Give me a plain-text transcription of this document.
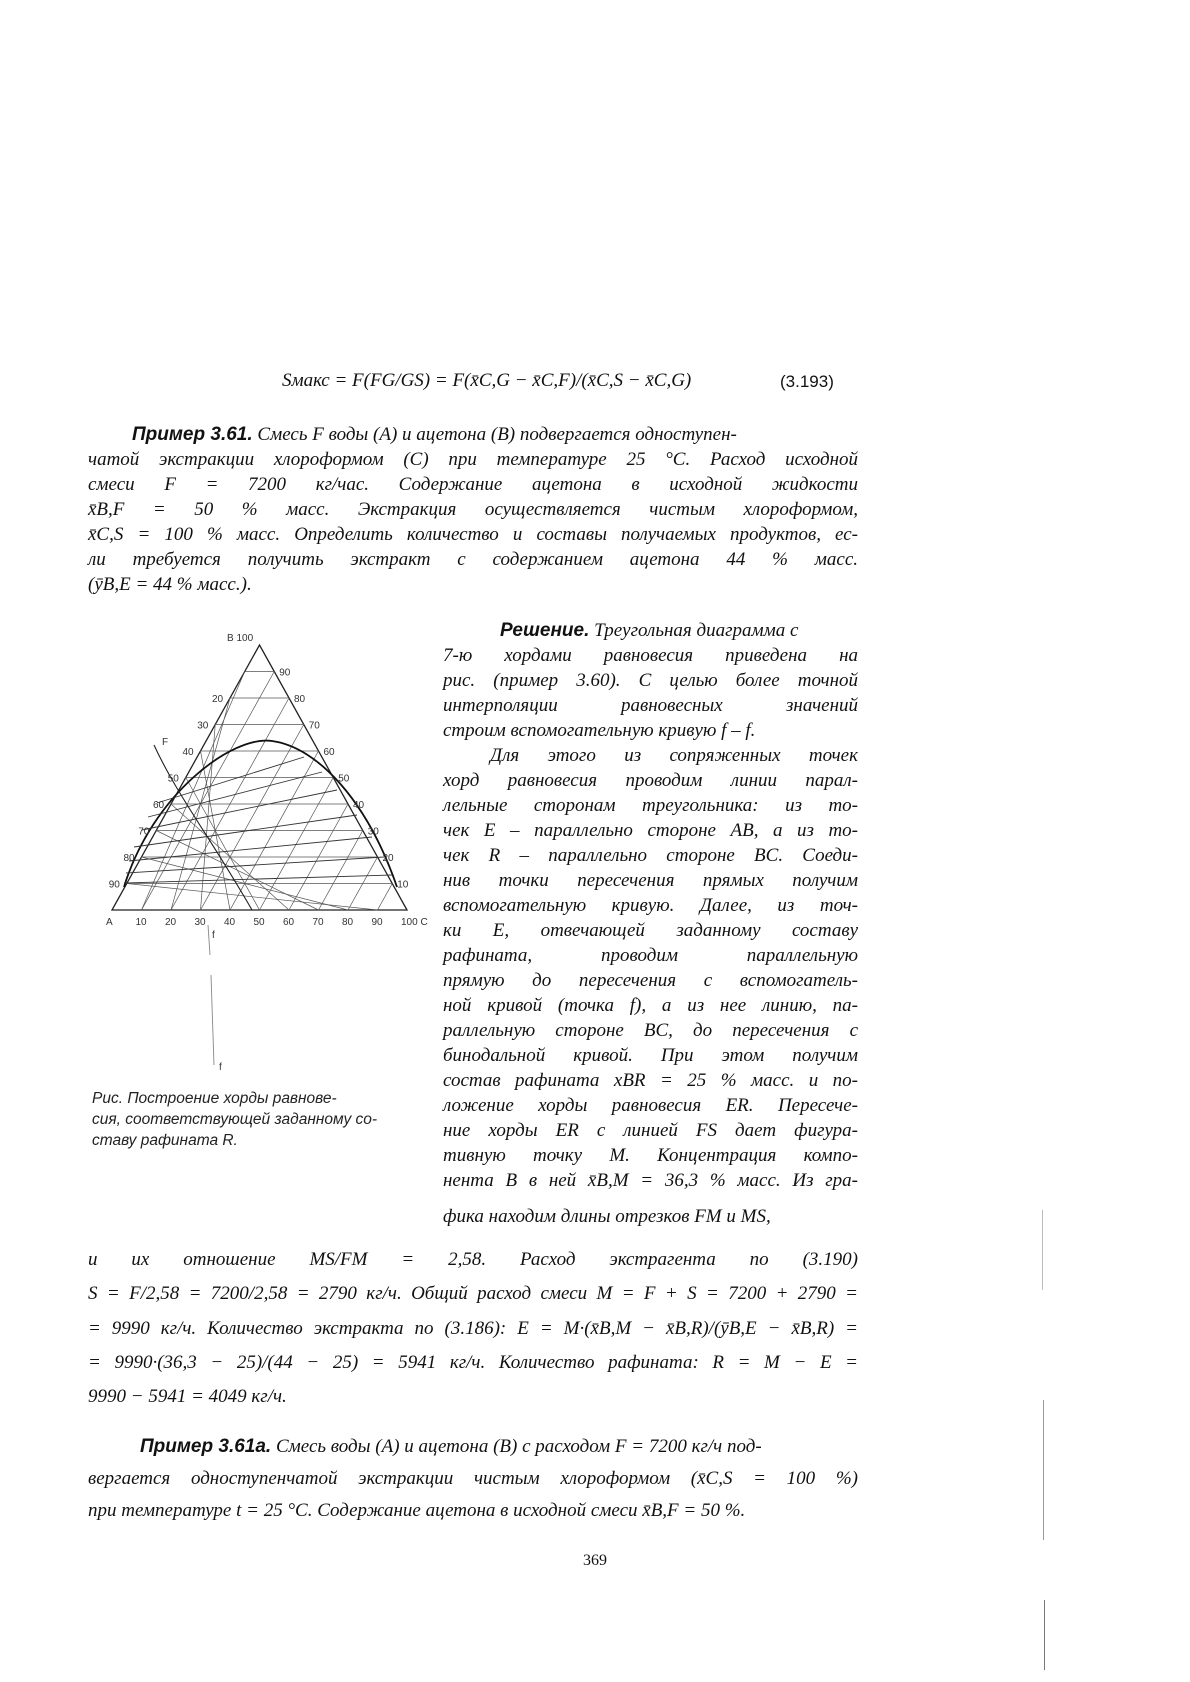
Sмакс = F(FG/GS) = F(x̄C,G − x̄C,F)/(x̄C,S − x̄C,G)	(3.193)
Пример 3.61. Смесь F воды (A) и ацетона (B) подвергается одноступен-
чатой экстракции хлороформом (C) при температуре 25 °C. Расход исходной
смеси F = 7200 кг/час. Содержание ацетона в исходной жидкости
x̄B,F = 50 % масс. Экстракция осуществляется чистым хлороформом,
x̄C,S = 100 % масс. Определить количество и составы получаемых продуктов, ес-
ли требуется получить экстракт с содержанием ацетона 44 % масс.
(ȳB,E = 44 % масс.).
B 100
20
30
40
50
60
70
80
90
90
80
70
60
50
40
30
20
10
A 10 20 30 40 50 60 70 80 90 100 C
F
f
f
Рис. Построение хорды равнове-
сия, соответствующей заданному со-
ставу рафината R.
Решение. Треугольная диаграмма с
7-ю хордами равновесия приведена на
рис. (пример 3.60). С целью более точной
интерполяции равновесных значений
строим вспомогательную кривую f – f.
Для этого из сопряженных точек
хорд равновесия проводим линии парал-
лельные сторонам треугольника: из то-
чек E – параллельно стороне AB, а из то-
чек R – параллельно стороне BC. Соеди-
нив точки пересечения прямых получим
вспомогательную кривую. Далее, из точ-
ки E, отвечающей заданному составу
рафината, проводим параллельную
прямую до пересечения с вспомогатель-
ной кривой (точка f), а из нее линию, па-
раллельную стороне BC, до пересечения с
бинодальной кривой. При этом получим
состав рафината xBR = 25 % масс. и по-
ложение хорды равновесия ER. Пересече-
ние хорды ER с линией FS дает фигура-
тивную точку M. Концентрация компо-
нента B в ней x̄B,M = 36,3 % масс. Из гра-
фика находим длины отрезков FM и MS,
и их отношение MS/FM = 2,58. Расход экстрагента по (3.190)
S = F/2,58 = 7200/2,58 = 2790 кг/ч. Общий расход смеси M = F + S = 7200 + 2790 =
= 9990 кг/ч. Количество экстракта по (3.186): E = M·(x̄B,M − x̄B,R)/(ȳB,E − x̄B,R) =
= 9990·(36,3 − 25)/(44 − 25) = 5941 кг/ч. Количество рафината: R = M − E =
9990 − 5941 = 4049 кг/ч.
Пример 3.61а. Смесь воды (A) и ацетона (B) с расходом F = 7200 кг/ч под-
вергается одноступенчатой экстракции чистым хлороформом (x̄C,S = 100 %)
при температуре t = 25 °C. Содержание ацетона в исходной смеси x̄B,F = 50 %.
369
